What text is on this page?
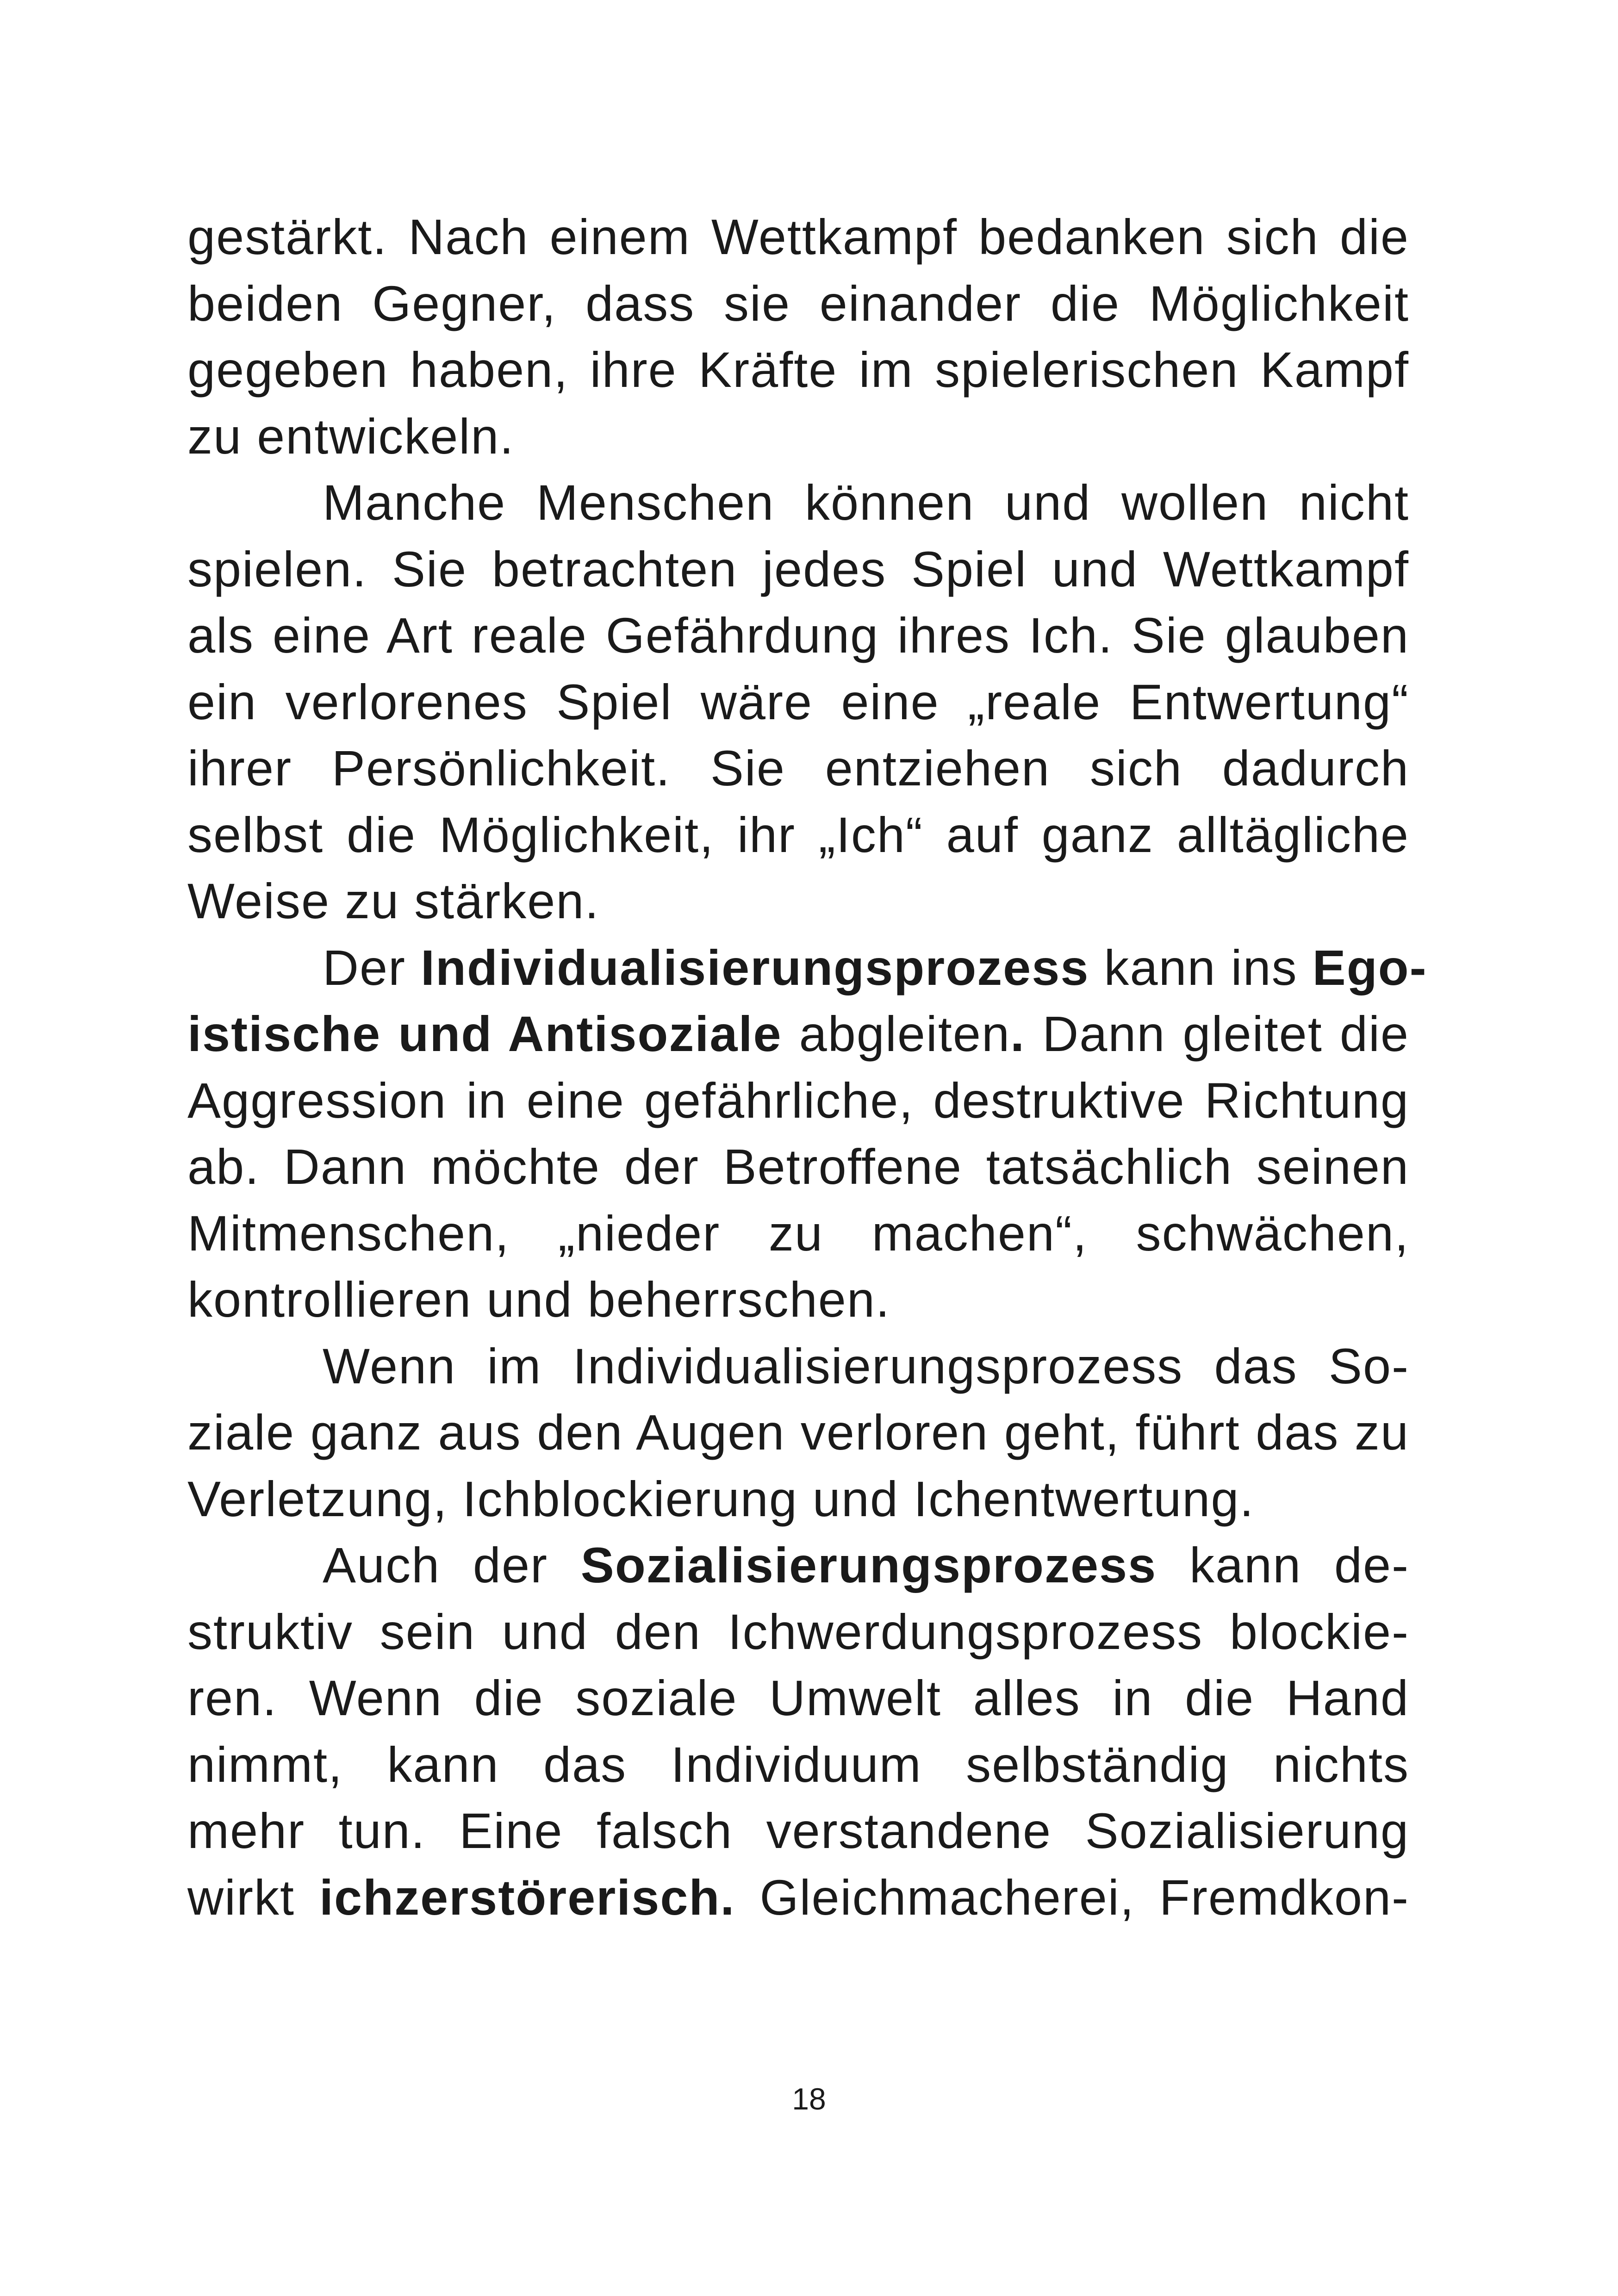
gestärkt. Nach einem Wettkampf bedanken sich die
beiden Gegner, dass sie einander die Möglichkeit
gegeben haben, ihre Kräfte im spielerischen Kampf
zu entwickeln.
Manche Menschen können und wollen nicht
spielen. Sie betrachten jedes Spiel und Wettkampf
als eine Art reale Gefährdung ihres Ich. Sie glauben
ein verlorenes Spiel wäre eine „reale Entwertung“
ihrer Persönlichkeit. Sie entziehen sich dadurch
selbst die Möglichkeit, ihr „Ich“ auf ganz alltägliche
Weise zu stärken.
Der Individualisierungsprozess kann ins Ego-
istische und Antisoziale abgleiten. Dann gleitet die
Aggression in eine gefährliche, destruktive Richtung
ab. Dann möchte der Betroffene tatsächlich seinen
Mitmenschen, „nieder zu machen“, schwächen,
kontrollieren und beherrschen.
Wenn im Individualisierungsprozess das So-
ziale ganz aus den Augen verloren geht, führt das zu
Verletzung, Ichblockierung und Ichentwertung.
Auch der Sozialisierungsprozess kann de-
struktiv sein und den Ichwerdungsprozess blockie-
ren. Wenn die soziale Umwelt alles in die Hand
nimmt, kann das Individuum selbständig nichts
mehr tun. Eine falsch verstandene Sozialisierung
wirkt ichzerstörerisch. Gleichmacherei, Fremdkon-
18
